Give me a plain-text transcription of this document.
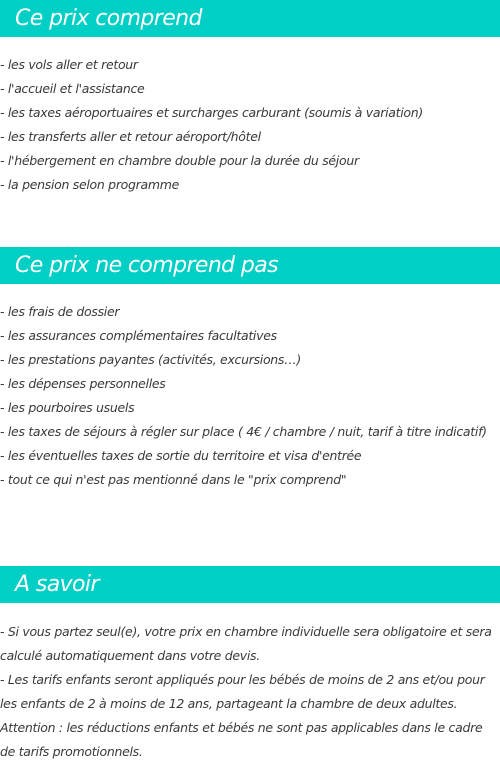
Ce prix comprend
- les vols aller et retour
- l'accueil et l'assistance
- les taxes aéroportuaires et surcharges carburant (soumis à variation)
- les transferts aller et retour aéroport/hôtel
- l'hébergement en chambre double pour la durée du séjour
- la pension selon programme
Ce prix ne comprend pas
- les frais de dossier
- les assurances complémentaires facultatives
- les prestations payantes (activités, excursions…)
- les dépenses personnelles
- les pourboires usuels
- les taxes de séjours à régler sur place ( 4€ / chambre / nuit, tarif à titre indicatif)
- les éventuelles taxes de sortie du territoire et visa d'entrée
- tout ce qui n'est pas mentionné dans le "prix comprend"
A savoir
- Si vous partez seul(e), votre prix en chambre individuelle sera obligatoire et sera calculé automatiquement dans votre devis.
- Les tarifs enfants seront appliqués pour les bébés de moins de 2 ans et/ou pour les enfants de 2 à moins de 12 ans, partageant la chambre de deux adultes.
Attention : les réductions enfants et bébés ne sont pas applicables dans le cadre de tarifs promotionnels.
